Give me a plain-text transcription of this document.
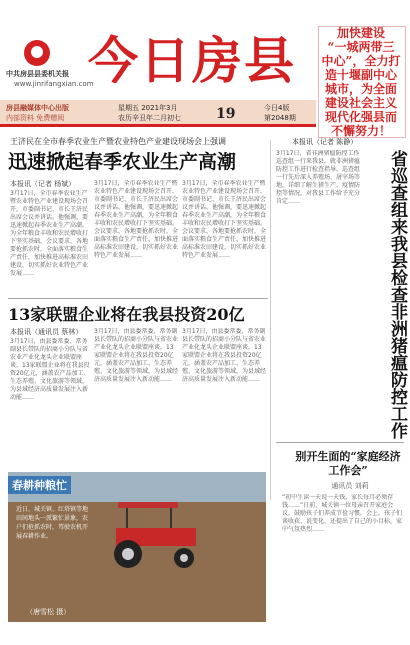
中共房县县委机关报
www.jinrifangxian.com
今日房县	加快建设
“一城两带三
中心”，全力打
造十堰副中心
城市，为全面
建设社会主义
现代化强县而
不懈努力！
房县融媒体中心出版
内部资料 免费赠阅
星期五 2021年3月
农历辛丑年二月初七	19	今日4版
第2048期
王济民在全市春季农业生产暨农业特色产业建设现场会上强调
迅速掀起春季农业生产高潮
本报讯（记者 杨斌）
3月17日，全市春季农业生产暨农业特色产业建设现场会召开，市委副书记、市长王济民出席会议并讲话。他强调，要迅速掀起春季农业生产高潮，为全年粮食丰收和农民增收打下坚实基础。会议要求，各地要抢抓农时，全面落实粮食生产责任，加快推进高标准农田建设，切实抓好农业特色产业发展……
3月17日，全市春季农业生产暨农业特色产业建设现场会召开，市委副书记、市长王济民出席会议并讲话。他强调，要迅速掀起春季农业生产高潮，为全年粮食丰收和农民增收打下坚实基础。会议要求，各地要抢抓农时，全面落实粮食生产责任，加快推进高标准农田建设，切实抓好农业特色产业发展……
3月17日，全市春季农业生产暨农业特色产业建设现场会召开，市委副书记、市长王济民出席会议并讲话。他强调，要迅速掀起春季农业生产高潮，为全年粮食丰收和农民增收打下坚实基础。会议要求，各地要抢抓农时，全面落实粮食生产责任，加快推进高标准农田建设，切实抓好农业特色产业发展……
13家联盟企业将在我县投资20亿
本报讯（通讯员 蔡林）
3月17日，由县委常委、常务副县长带队的招商小分队与省农业产业化龙头企业联盟座谈，13家联盟企业将在我县投资20亿元，涵盖农产品加工、生态养殖、文化旅游等领域，为县域经济高质量发展注入新动能……
3月17日，由县委常委、常务副县长带队的招商小分队与省农业产业化龙头企业联盟座谈，13家联盟企业将在我县投资20亿元，涵盖农产品加工、生态养殖、文化旅游等领域，为县域经济高质量发展注入新动能……
3月17日，由县委常委、常务副县长带队的招商小分队与省农业产业化龙头企业联盟座谈，13家联盟企业将在我县投资20亿元，涵盖农产品加工、生态养殖、文化旅游等领域，为县域经济高质量发展注入新动能……
本报讯（记者 陈静）
3月17日，省非洲猪瘟防控工作巡查组一行来我县，就非洲猪瘟防控工作进行检查指导。巡查组一行先后深入养殖场、屠宰场等地，详细了解生猪生产、疫情防控等情况，对我县工作给予充分肯定……	省巡查组来我县检查非洲猪瘟防控工作
春耕种粮忙
近日，城关镇、红塔镇等地田间地头一派繁忙景象，农户们抢抓农时，驾驶农机开展春耕作业。
（唐雪松 摄）
别开生面的“家庭经济工作会”
通讯员 刘莉
“初中生读一天说一天钱，家长每月必须存钱……”日前，城关镇一位母亲召开家庭会议，鼓励孩子们养成节俭习惯。会上，孩子们谈收获、说变化，还提出了自己的小目标，家中气氛热烈……
